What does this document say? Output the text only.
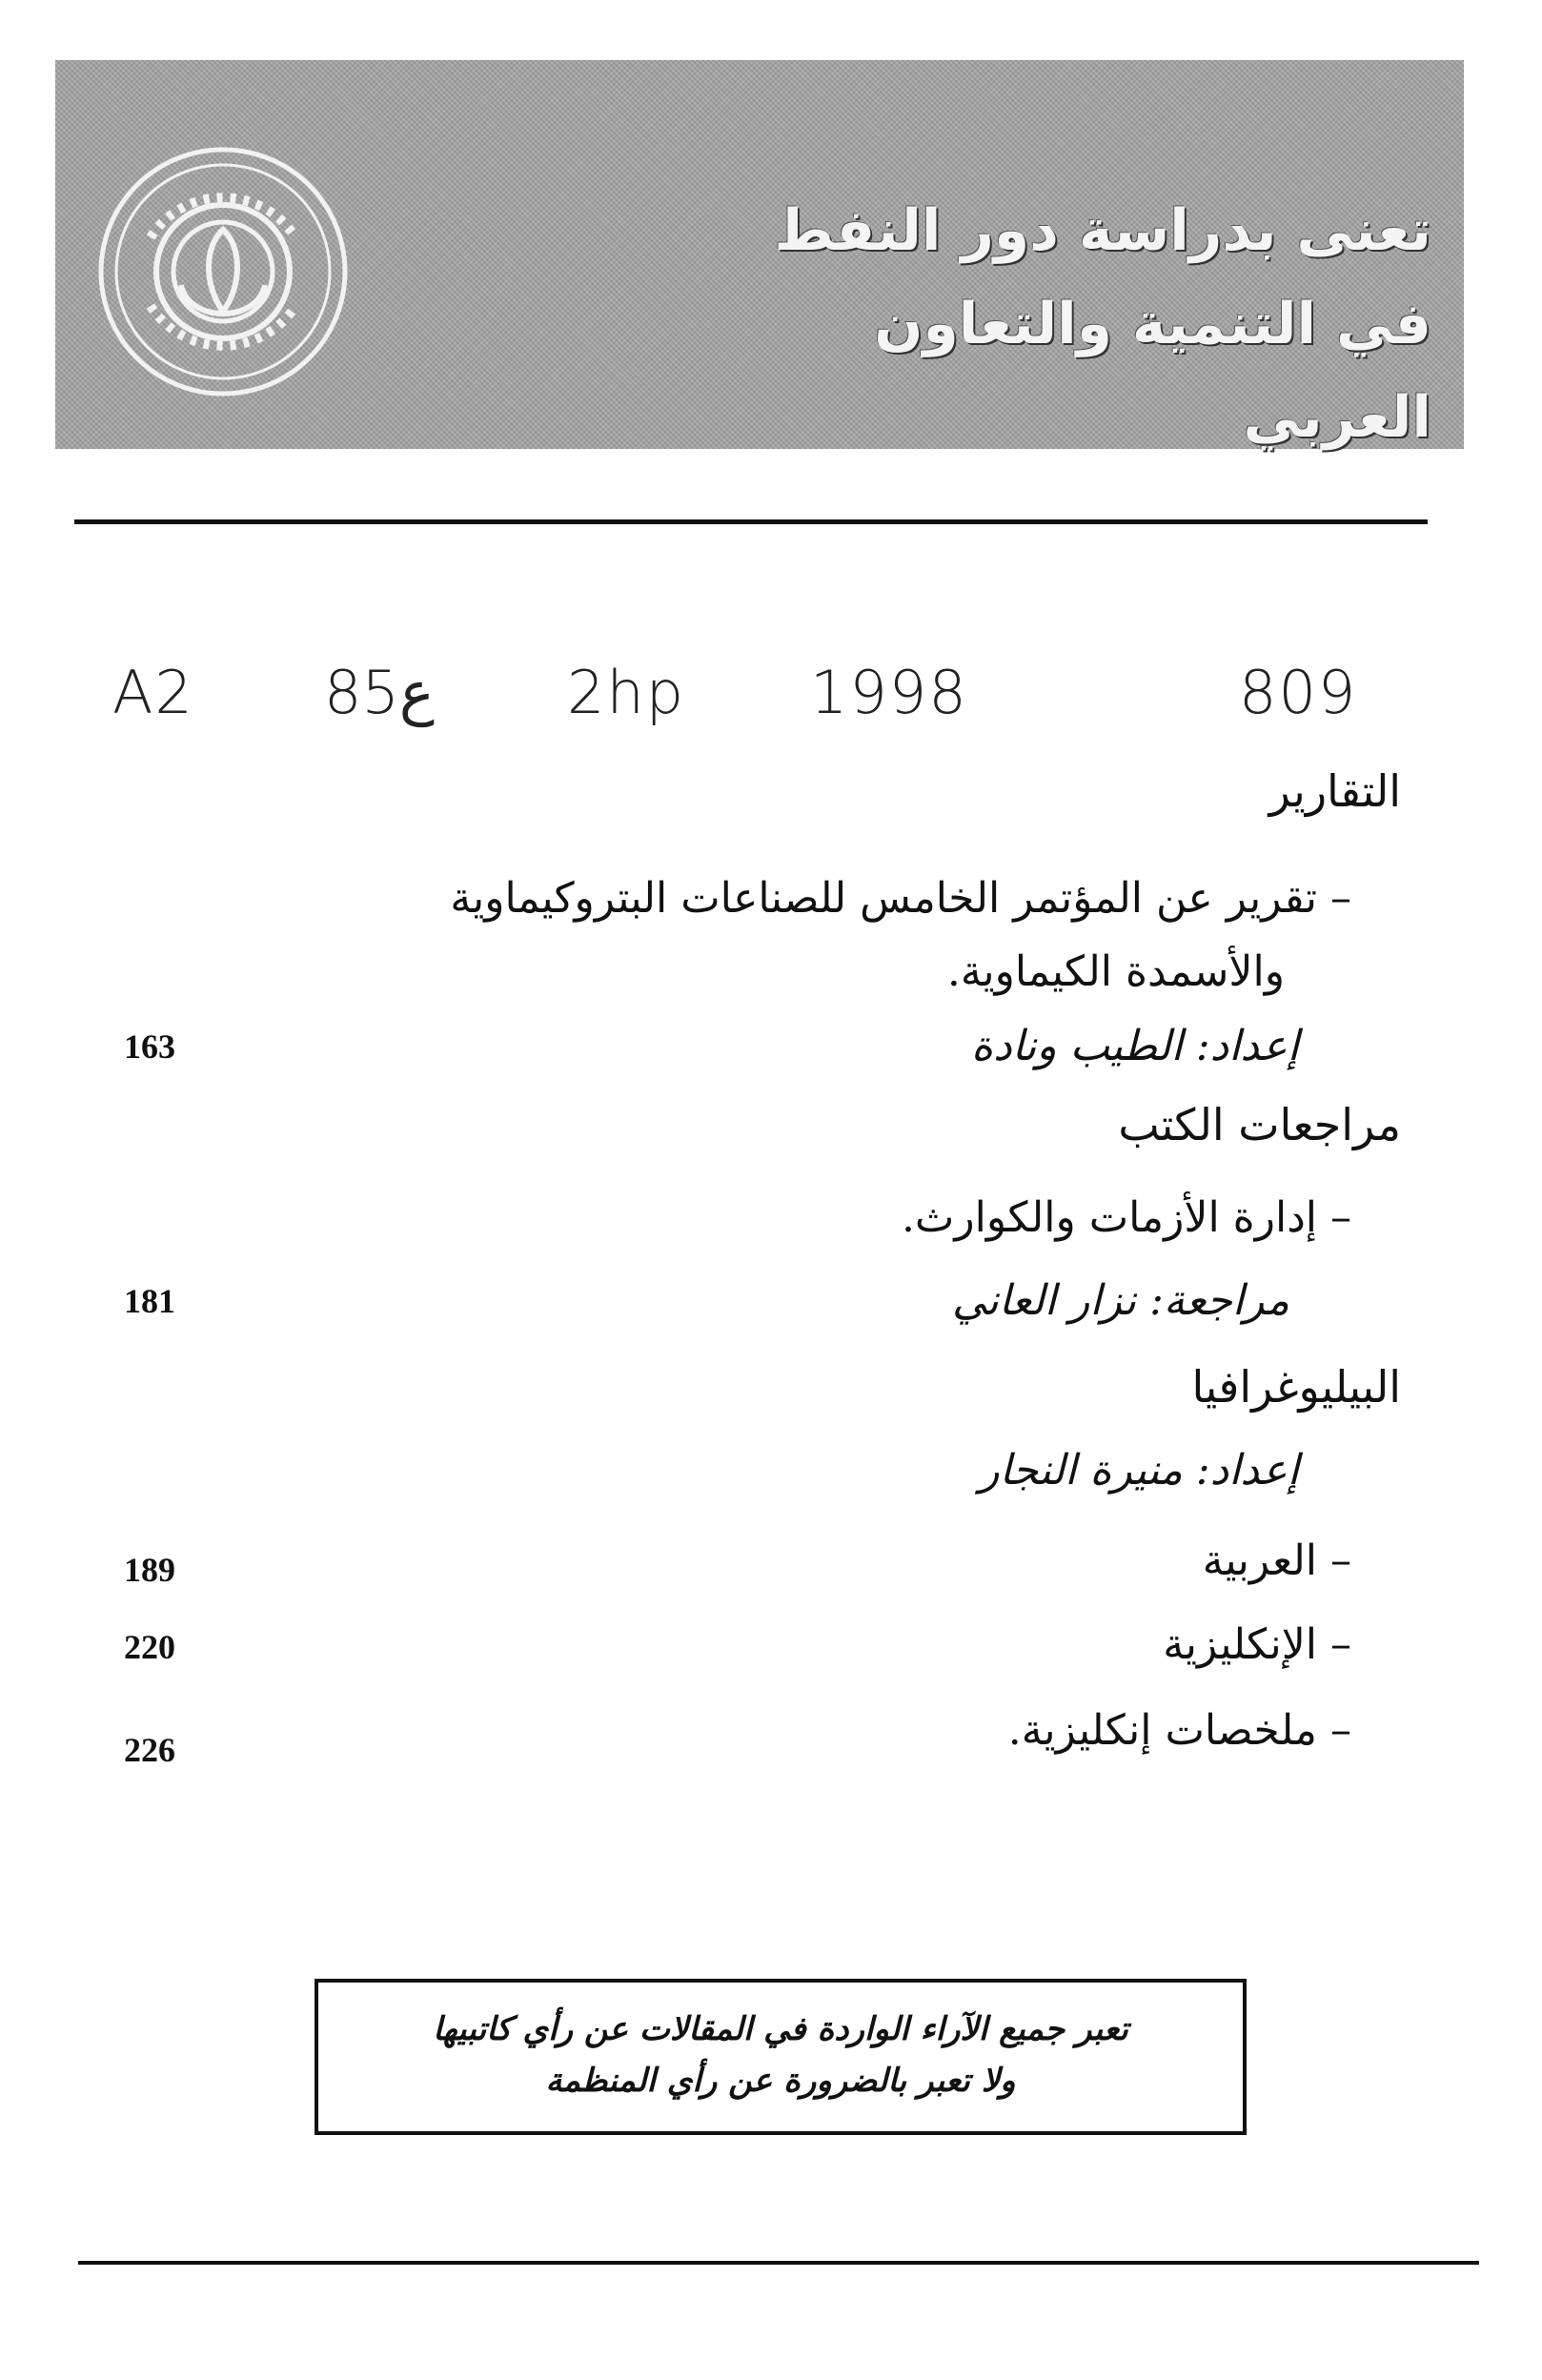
تعنى بدراسة دور النفط
في التنمية والتعاون العربي
A2 85ع 2hp 1998	809
التقارير
– تقرير عن المؤتمر الخامس للصناعات البتروكيماوية
والأسمدة الكيماوية.
إعداد: الطيب ونادة
163
مراجعات الكتب
– إدارة الأزمات والكوارث.
مراجعة: نزار العاني
181
البيليوغرافيا
إعداد: منيرة النجار
– العربية
189
– الإنكليزية
220
– ملخصات إنكليزية.
226
تعبر جميع الآراء الواردة في المقالات عن رأي كاتبيها
ولا تعبر بالضرورة عن رأي المنظمة
